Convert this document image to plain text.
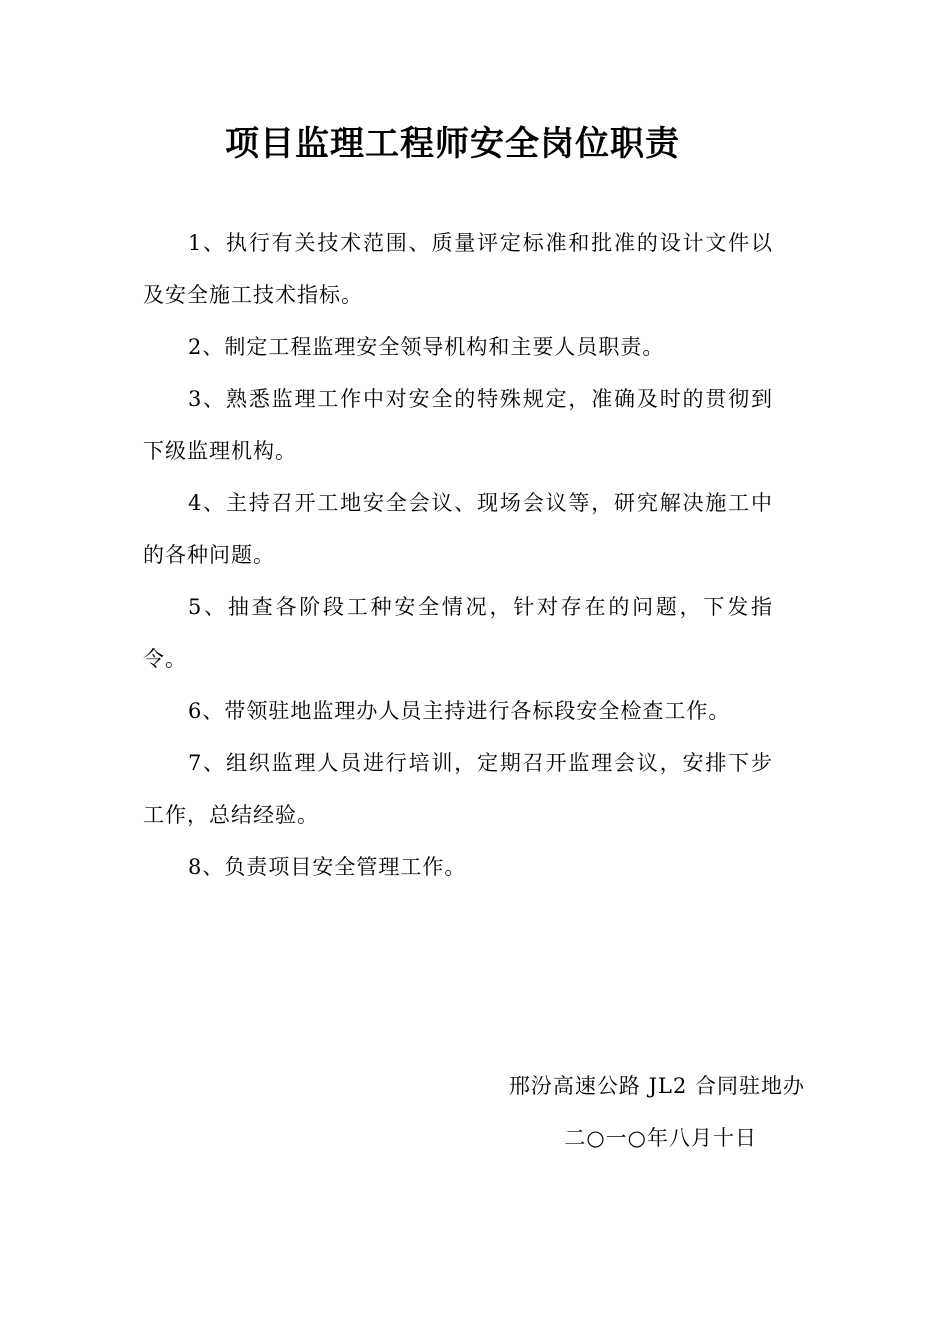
项目监理工程师安全岗位职责

1、执行有关技术范围、质量评定标准和批准的设计文件以及安全施工技术指标。

2、制定工程监理安全领导机构和主要人员职责。

3、熟悉监理工作中对安全的特殊规定，准确及时的贯彻到下级监理机构。

4、主持召开工地安全会议、现场会议等，研究解决施工中的各种问题。

5、抽查各阶段工种安全情况，针对存在的问题，下发指令。

6、带领驻地监理办人员主持进行各标段安全检查工作。

7、组织监理人员进行培训，定期召开监理会议，安排下步工作，总结经验。

8、负责项目安全管理工作。

邢汾高速公路 JL2 合同驻地办

二○一○年八月十日
